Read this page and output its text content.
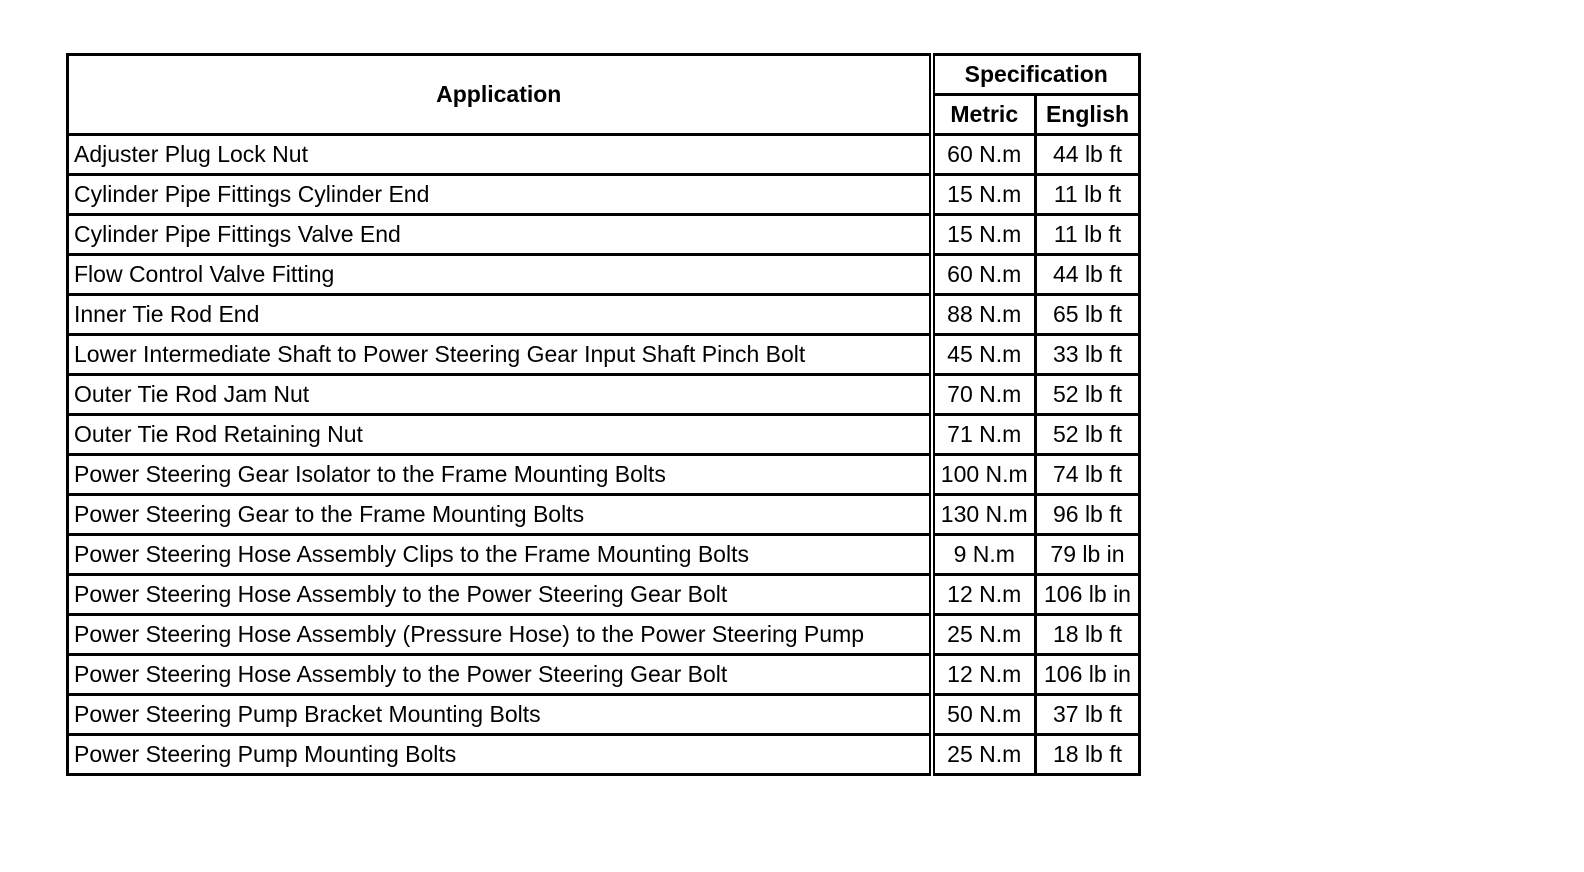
Application	Specification	
	Metric	English
Adjuster Plug Lock Nut	60 N.m	44 lb ft
Cylinder Pipe Fittings Cylinder End	15 N.m	11 lb ft
Cylinder Pipe Fittings Valve End	15 N.m	11 lb ft
Flow Control Valve Fitting	60 N.m	44 lb ft
Inner Tie Rod End	88 N.m	65 lb ft
Lower Intermediate Shaft to Power Steering Gear Input Shaft Pinch Bolt	45 N.m	33 lb ft
Outer Tie Rod Jam Nut	70 N.m	52 lb ft
Outer Tie Rod Retaining Nut	71 N.m	52 lb ft
Power Steering Gear Isolator to the Frame Mounting Bolts	100 N.m	74 lb ft
Power Steering Gear to the Frame Mounting Bolts	130 N.m	96 lb ft
Power Steering Hose Assembly Clips to the Frame Mounting Bolts	9 N.m	79 lb in
Power Steering Hose Assembly to the Power Steering Gear Bolt	12 N.m	106 lb in
Power Steering Hose Assembly (Pressure Hose) to the Power Steering Pump	25 N.m	18 lb ft
Power Steering Hose Assembly to the Power Steering Gear Bolt	12 N.m	106 lb in
Power Steering Pump Bracket Mounting Bolts	50 N.m	37 lb ft
Power Steering Pump Mounting Bolts	25 N.m	18 lb ft
